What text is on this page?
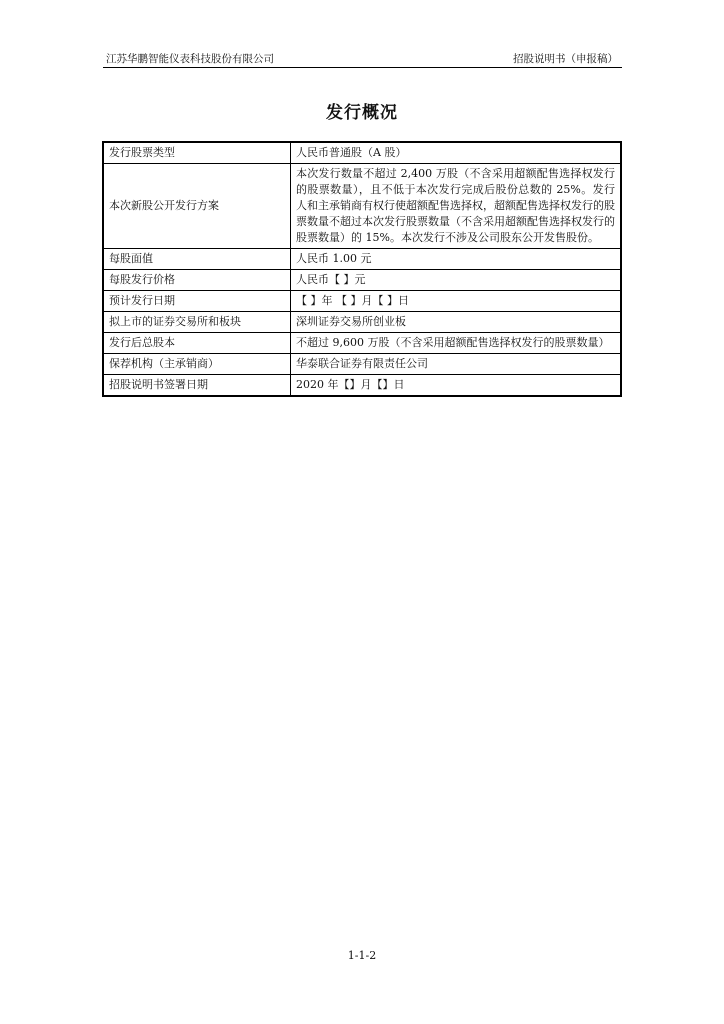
江苏华鹏智能仪表科技股份有限公司	招股说明书（申报稿）
发行概况
发行股票类型	人民币普通股（A 股）
本次新股公开发行方案	本次发行数量不超过 2,400 万股（不含采用超额配售选择权发行的股票数量），且不低于本次发行完成后股份总数的 25%。发行人和主承销商有权行使超额配售选择权，超额配售选择权发行的股票数量不超过本次发行股票数量（不含采用超额配售选择权发行的股票数量）的 15%。本次发行不涉及公司股东公开发售股份。
每股面值	人民币 1.00 元
每股发行价格	人民币【 】元
预计发行日期	【 】年 【 】月【 】日
拟上市的证券交易所和板块	深圳证券交易所创业板
发行后总股本	不超过 9,600 万股（不含采用超额配售选择权发行的股票数量）
保荐机构（主承销商）	华泰联合证券有限责任公司
招股说明书签署日期	2020 年【】月【】日
1-1-2
